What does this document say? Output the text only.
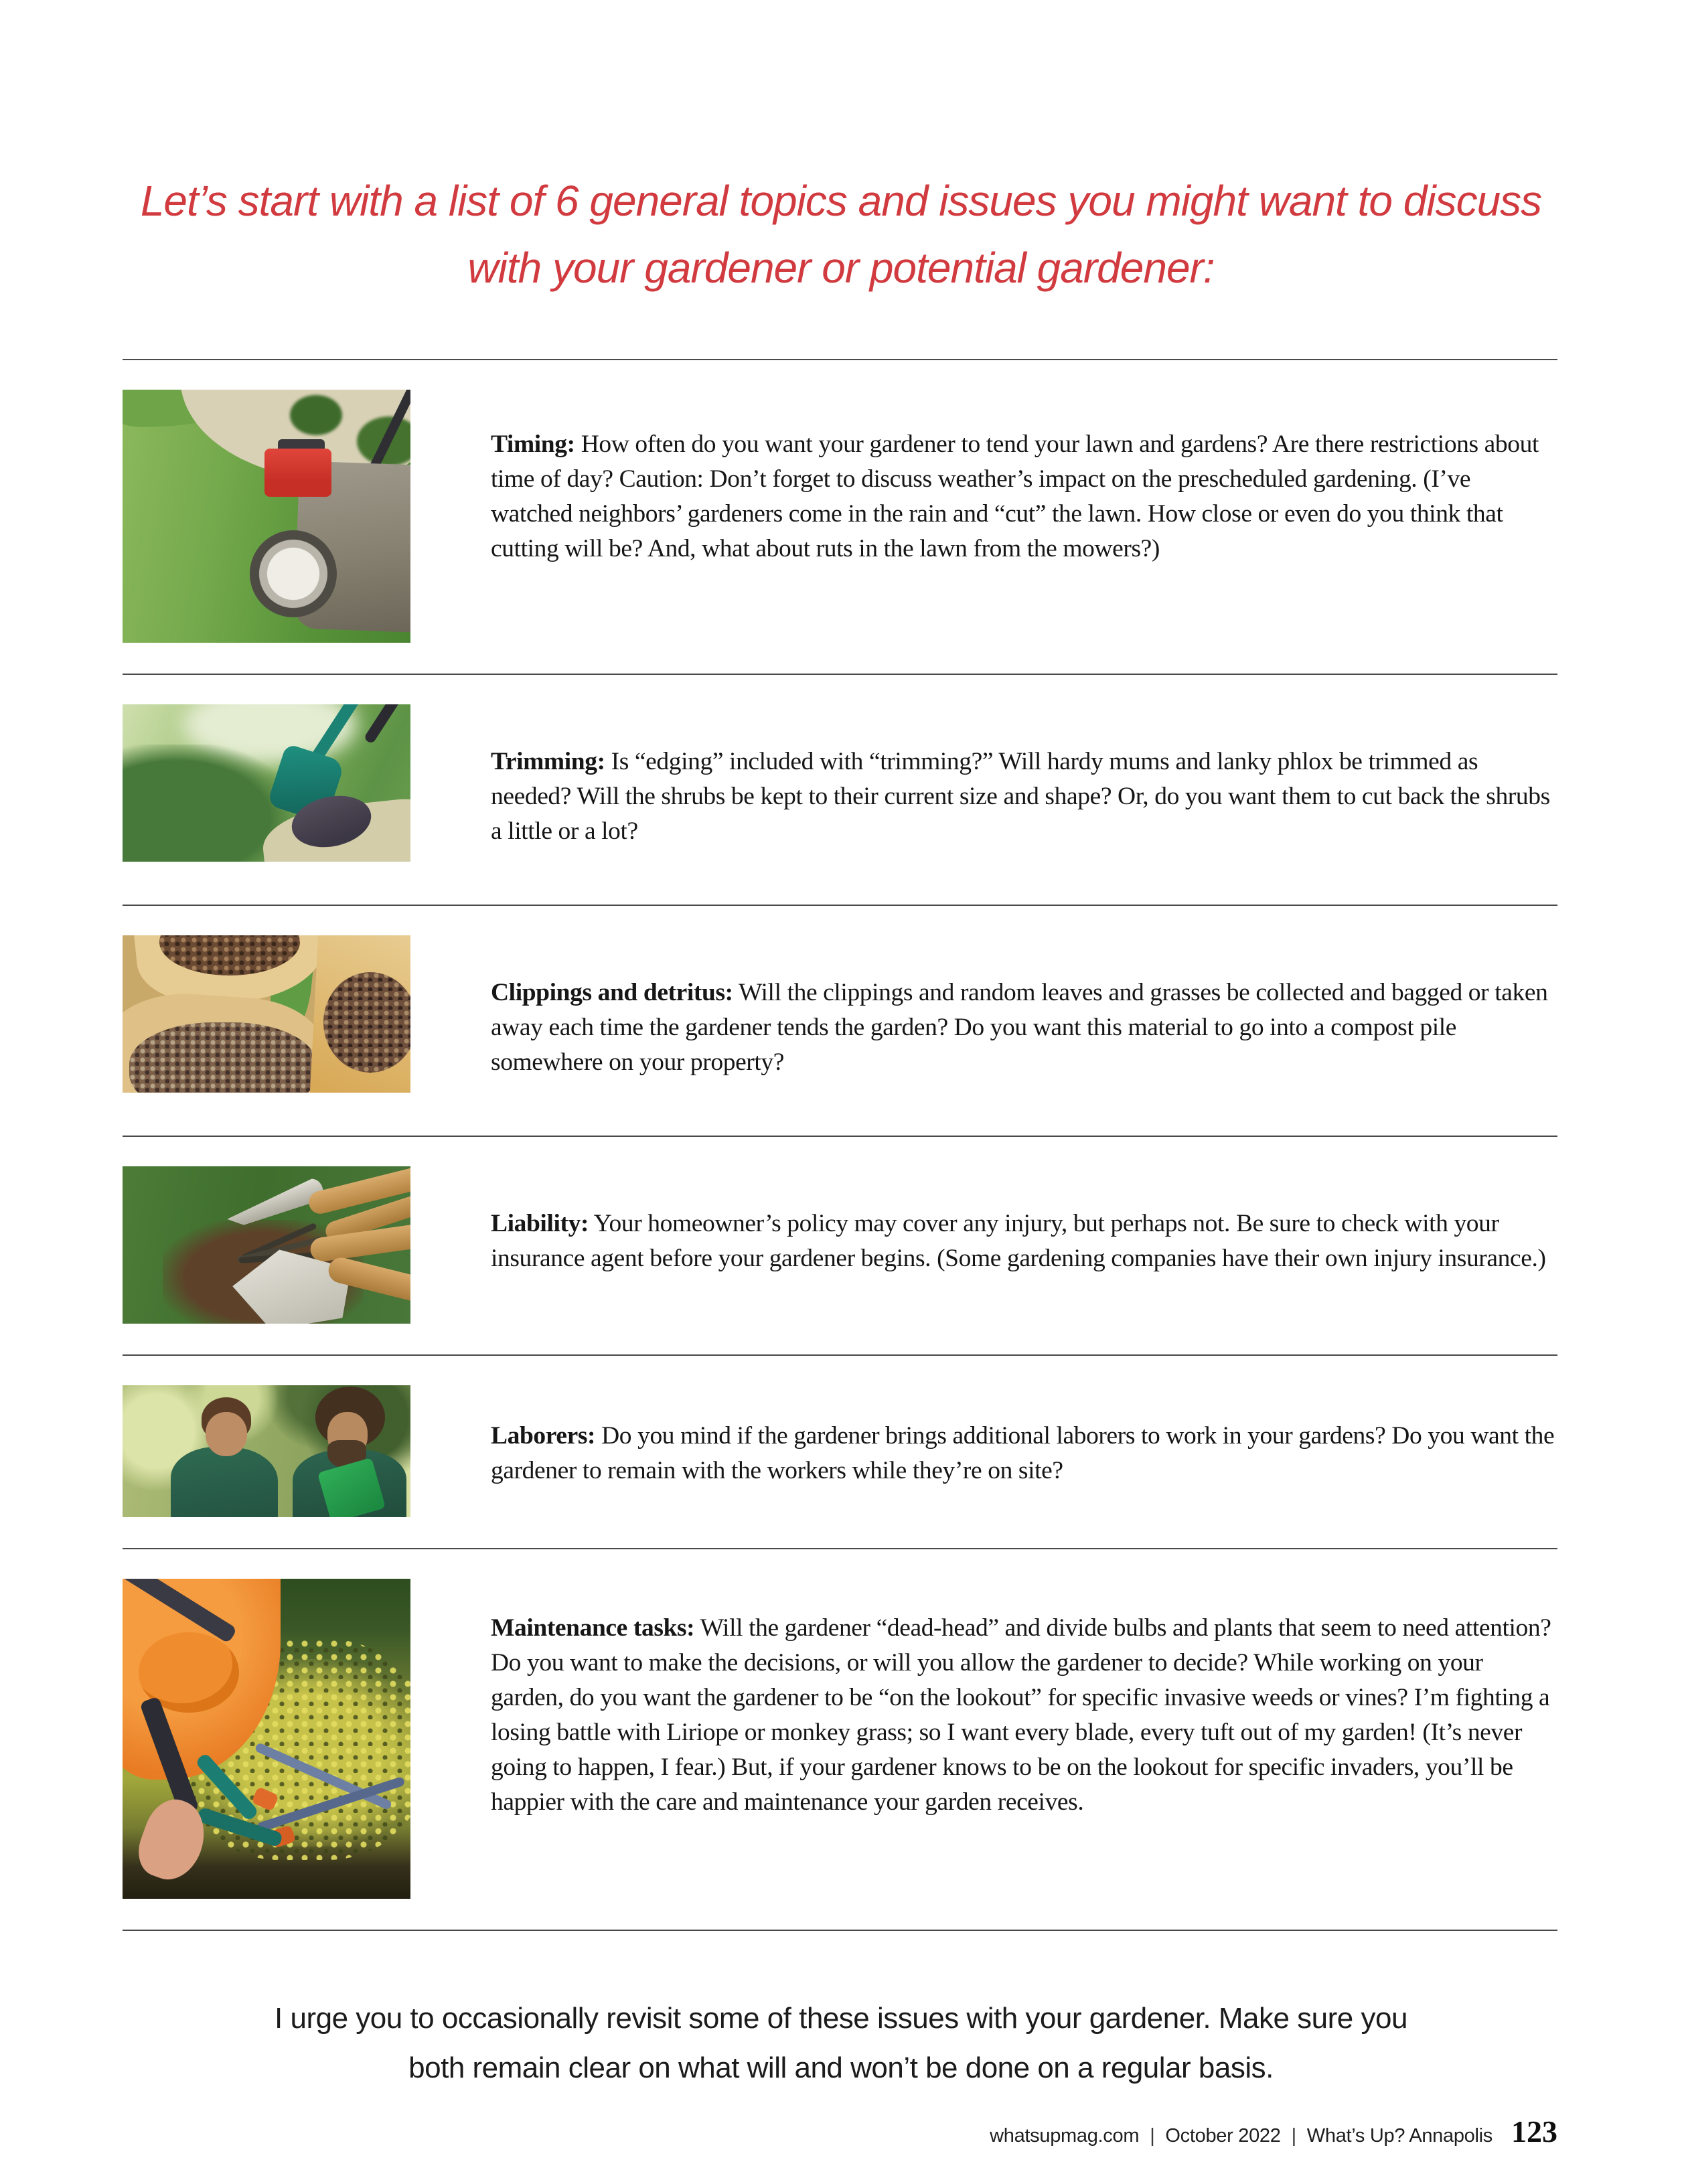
Let’s start with a list of 6 general topics and issues you might want to discuss with your gardener or potential gardener:

Timing: How often do you want your gardener to tend your lawn and gardens? Are there restrictions about time of day? Caution: Don’t forget to discuss weather’s impact on the prescheduled gardening. (I’ve watched neighbors’ gardeners come in the rain and “cut” the lawn. How close or even do you think that cutting will be? And, what about ruts in the lawn from the mowers?)

Trimming: Is “edging” included with “trimming?” Will hardy mums and lanky phlox be trimmed as needed? Will the shrubs be kept to their current size and shape? Or, do you want them to cut back the shrubs a little or a lot?

Clippings and detritus: Will the clippings and random leaves and grasses be collected and bagged or taken away each time the gardener tends the garden? Do you want this material to go into a compost pile somewhere on your property?

Liability: Your homeowner’s policy may cover any injury, but perhaps not. Be sure to check with your insurance agent before your gardener begins. (Some gardening companies have their own injury insurance.)

Laborers: Do you mind if the gardener brings additional laborers to work in your gardens? Do you want the gardener to remain with the workers while they’re on site?

Maintenance tasks: Will the gardener “dead-head” and divide bulbs and plants that seem to need attention? Do you want to make the decisions, or will you allow the gardener to decide? While working on your garden, do you want the gardener to be “on the lookout” for specific invasive weeds or vines? I’m fighting a losing battle with Liriope or monkey grass; so I want every blade, every tuft out of my garden! (It’s never going to happen, I fear.) But, if your gardener knows to be on the lookout for specific invaders, you’ll be happier with the care and maintenance your garden receives.

I urge you to occasionally revisit some of these issues with your gardener. Make sure you both remain clear on what will and won’t be done on a regular basis.
whatsupmag.com | October 2022 | What’s Up? Annapolis 123
